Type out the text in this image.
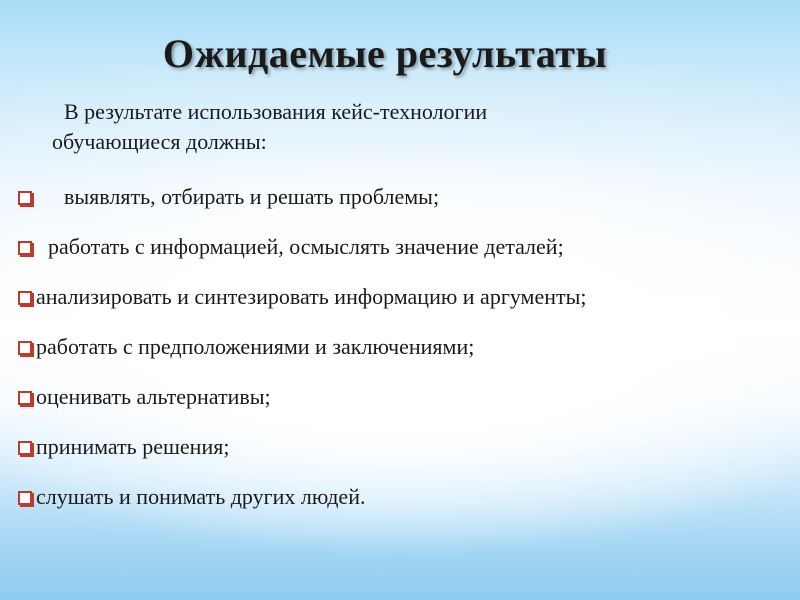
Ожидаемые результаты
В результате использования кейс-технологии
обучающиеся должны:
выявлять, отбирать и решать проблемы;
работать с информацией, осмыслять значение деталей;
анализировать и синтезировать информацию и аргументы;
работать с предположениями и заключениями;
оценивать альтернативы;
принимать решения;
слушать и понимать других людей.
